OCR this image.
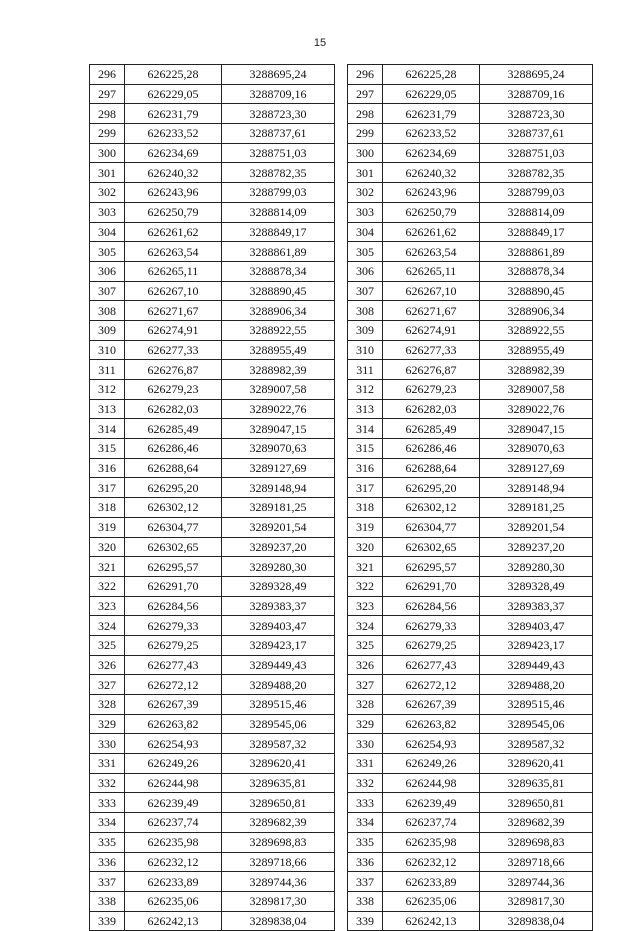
15
296	626225,28	3288695,24
297	626229,05	3288709,16
298	626231,79	3288723,30
299	626233,52	3288737,61
300	626234,69	3288751,03
301	626240,32	3288782,35
302	626243,96	3288799,03
303	626250,79	3288814,09
304	626261,62	3288849,17
305	626263,54	3288861,89
306	626265,11	3288878,34
307	626267,10	3288890,45
308	626271,67	3288906,34
309	626274,91	3288922,55
310	626277,33	3288955,49
311	626276,87	3288982,39
312	626279,23	3289007,58
313	626282,03	3289022,76
314	626285,49	3289047,15
315	626286,46	3289070,63
316	626288,64	3289127,69
317	626295,20	3289148,94
318	626302,12	3289181,25
319	626304,77	3289201,54
320	626302,65	3289237,20
321	626295,57	3289280,30
322	626291,70	3289328,49
323	626284,56	3289383,37
324	626279,33	3289403,47
325	626279,25	3289423,17
326	626277,43	3289449,43
327	626272,12	3289488,20
328	626267,39	3289515,46
329	626263,82	3289545,06
330	626254,93	3289587,32
331	626249,26	3289620,41
332	626244,98	3289635,81
333	626239,49	3289650,81
334	626237,74	3289682,39
335	626235,98	3289698,83
336	626232,12	3289718,66
337	626233,89	3289744,36
338	626235,06	3289817,30
339	626242,13	3289838,04
296	626225,28	3288695,24
297	626229,05	3288709,16
298	626231,79	3288723,30
299	626233,52	3288737,61
300	626234,69	3288751,03
301	626240,32	3288782,35
302	626243,96	3288799,03
303	626250,79	3288814,09
304	626261,62	3288849,17
305	626263,54	3288861,89
306	626265,11	3288878,34
307	626267,10	3288890,45
308	626271,67	3288906,34
309	626274,91	3288922,55
310	626277,33	3288955,49
311	626276,87	3288982,39
312	626279,23	3289007,58
313	626282,03	3289022,76
314	626285,49	3289047,15
315	626286,46	3289070,63
316	626288,64	3289127,69
317	626295,20	3289148,94
318	626302,12	3289181,25
319	626304,77	3289201,54
320	626302,65	3289237,20
321	626295,57	3289280,30
322	626291,70	3289328,49
323	626284,56	3289383,37
324	626279,33	3289403,47
325	626279,25	3289423,17
326	626277,43	3289449,43
327	626272,12	3289488,20
328	626267,39	3289515,46
329	626263,82	3289545,06
330	626254,93	3289587,32
331	626249,26	3289620,41
332	626244,98	3289635,81
333	626239,49	3289650,81
334	626237,74	3289682,39
335	626235,98	3289698,83
336	626232,12	3289718,66
337	626233,89	3289744,36
338	626235,06	3289817,30
339	626242,13	3289838,04
